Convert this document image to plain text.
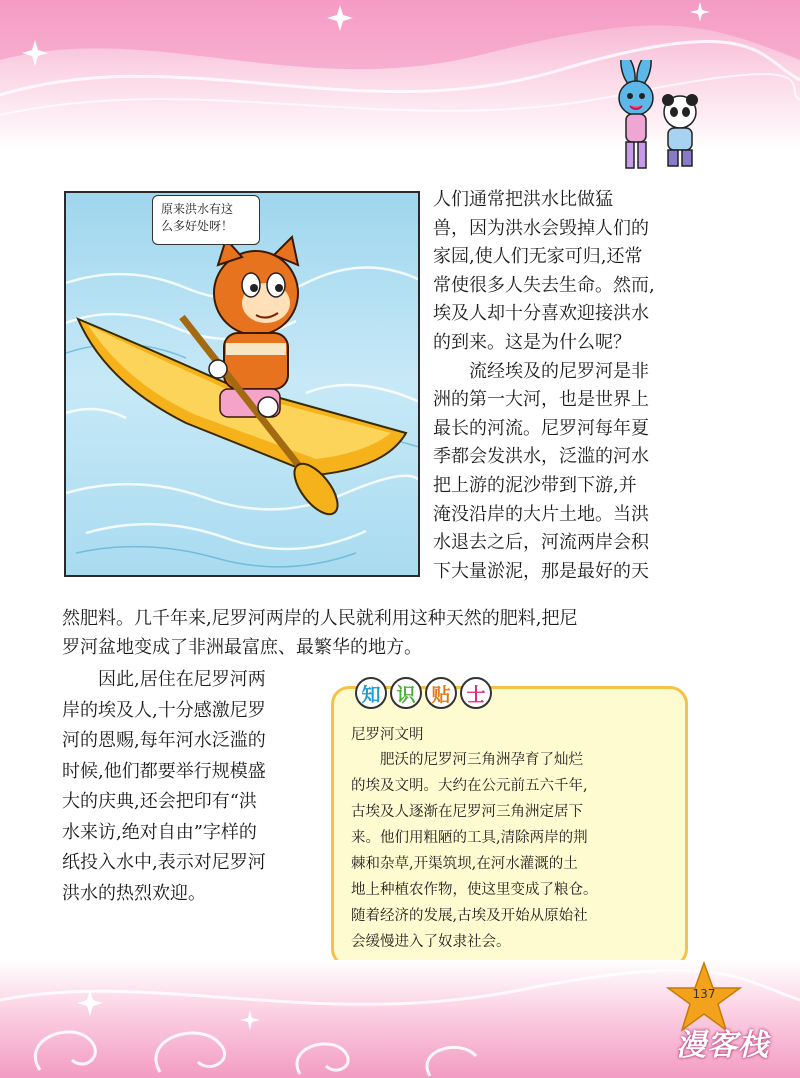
原来洪水有这
么多好处呀！
人们通常把洪水比做猛
兽，因为洪水会毁掉人们的
家园,使人们无家可归,还常
常使很多人失去生命。然而,
埃及人却十分喜欢迎接洪水
的到来。这是为什么呢？
　　流经埃及的尼罗河是非
洲的第一大河，也是世界上
最长的河流。尼罗河每年夏
季都会发洪水，泛滥的河水
把上游的泥沙带到下游,并
淹没沿岸的大片土地。当洪
水退去之后，河流两岸会积
下大量淤泥，那是最好的天
然肥料。几千年来,尼罗河两岸的人民就利用这种天然的肥料,把尼
罗河盆地变成了非洲最富庶、最繁华的地方。
　　因此,居住在尼罗河两
岸的埃及人,十分感激尼罗
河的恩赐,每年河水泛滥的
时候,他们都要举行规模盛
大的庆典,还会把印有“洪
水来访,绝对自由”字样的
纸投入水中,表示对尼罗河
洪水的热烈欢迎。
知 识 贴 士
尼罗河文明
　　肥沃的尼罗河三角洲孕育了灿烂
的埃及文明。大约在公元前五六千年,
古埃及人逐渐在尼罗河三角洲定居下
来。他们用粗陋的工具,清除两岸的荆
棘和杂草,开渠筑坝,在河水灌溉的土
地上种植农作物，使这里变成了粮仓。
随着经济的发展,古埃及开始从原始社
会缓慢进入了奴隶社会。
137
漫客栈
